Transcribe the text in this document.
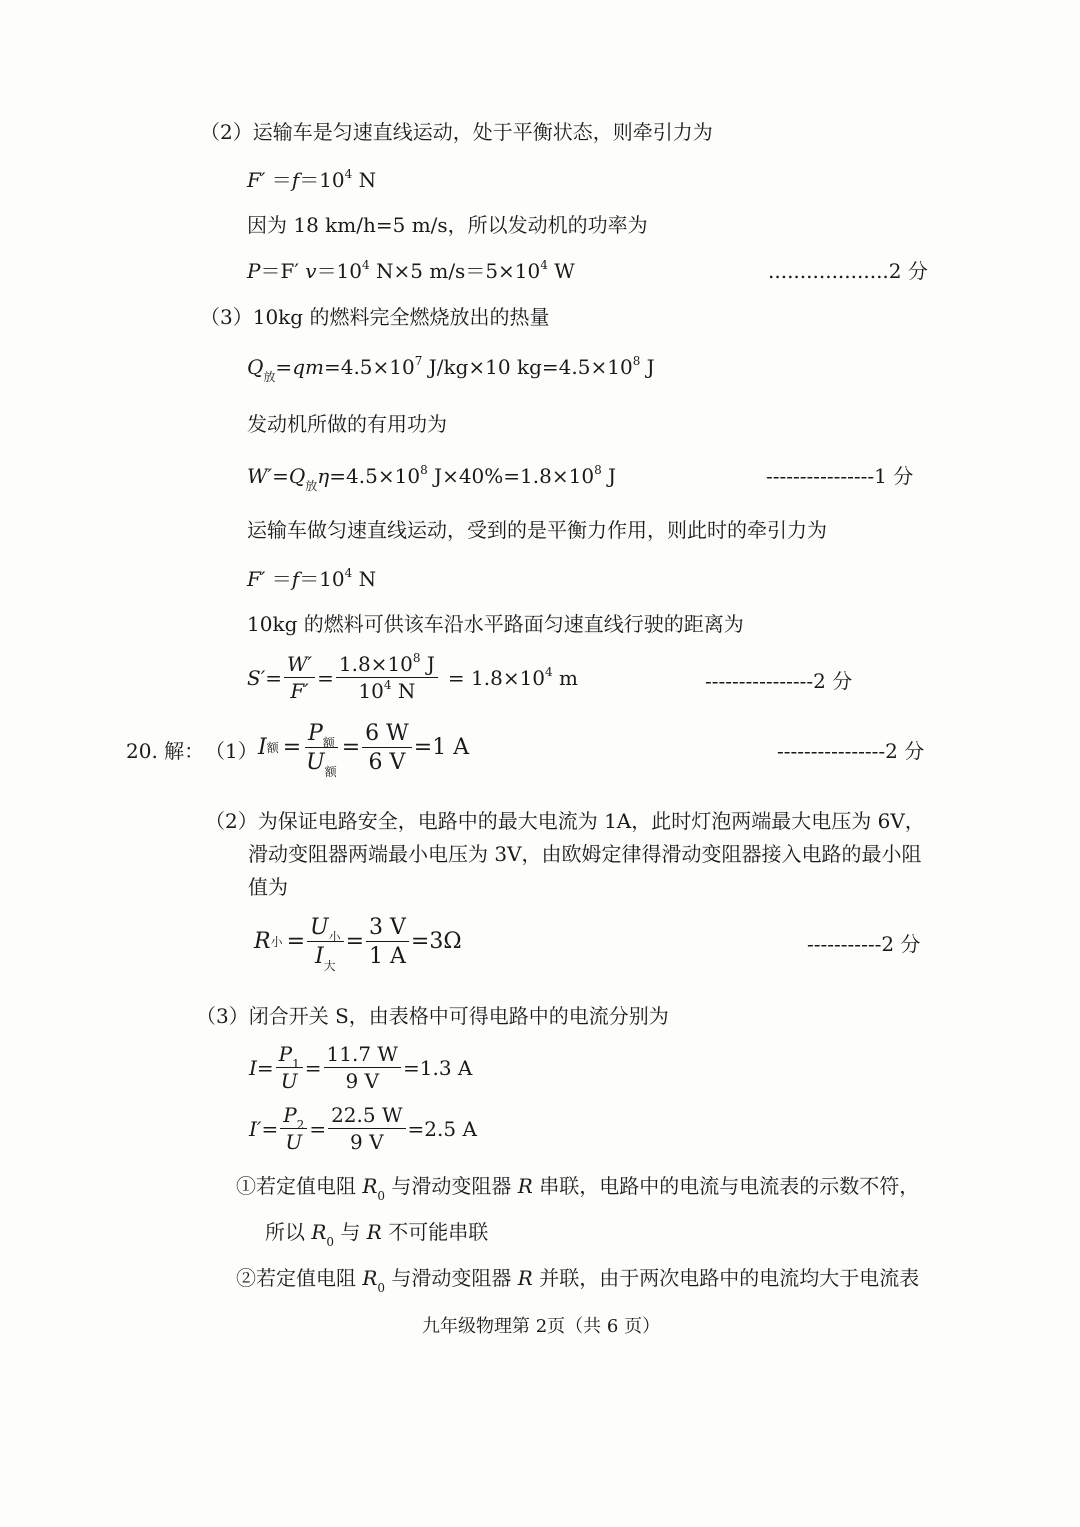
（2）运输车是匀速直线运动，处于平衡状态，则牵引力为
$F' =f=10^4$ N
因为 18 km/h=5 m/s，所以发动机的功率为
P＝F′ $v=10^4$ N×5 $m/s=5\times 10^4$ W	...................2 分
（3）10kg 的燃料完全燃烧放出的热量
$Q_放=qm=4.5\times 10^7$ J/kg×10 $kg=4.5\times 10^8$ J
发动机所做的有用功为
$W'=Q_放\eta=4.5\times 10^8$ $J\times 40\%=1.8\times 10^8$ J	----------------1 分
运输车做匀速直线运动，受到的是平衡力作用，则此时的牵引力为
$F' =f=10^4$ N
10kg 的燃料可供该车沿水平路面匀速直线行驶的距离为
$S'= \frac{W'}{F'} = \frac{1.8\times 10^8 J}{10^4 N} = 1.8\times 10^4$ m	----------------2 分
20. 解： （1） I 额 = $\frac{P_额}{U_额} = \frac{6 W}{6 V} =1$ A	----------------2 分
（2）为保证电路安全，电路中的最大电流为 1A，此时灯泡两端最大电压为 6V，
滑动变阻器两端最小电压为 3V，由欧姆定律得滑动变阻器接入电路的最小阻
值为
R 小 = $\frac{U_小}{I_大} = \frac{3 V}{1 A} =3\Omega$	-----------2 分
（3）闭合开关 S，由表格中可得电路中的电流分别为
$I= \frac{P_1}{U} = \frac{11.7 W}{9 V} =1.3$ A
$I'= \frac{P_2}{U} = \frac{22.5 W}{9 V} =2.5$ A
①若定值电阻 $R_0$ 与滑动变阻器 R 串联，电路中的电流与电流表的示数不符，
所以 $R_0$ 与 R 不可能串联
②若定值电阻 $R_0$ 与滑动变阻器 R 并联，由于两次电路中的电流均大于电流表
九年级物理第 2页（共 6 页）
